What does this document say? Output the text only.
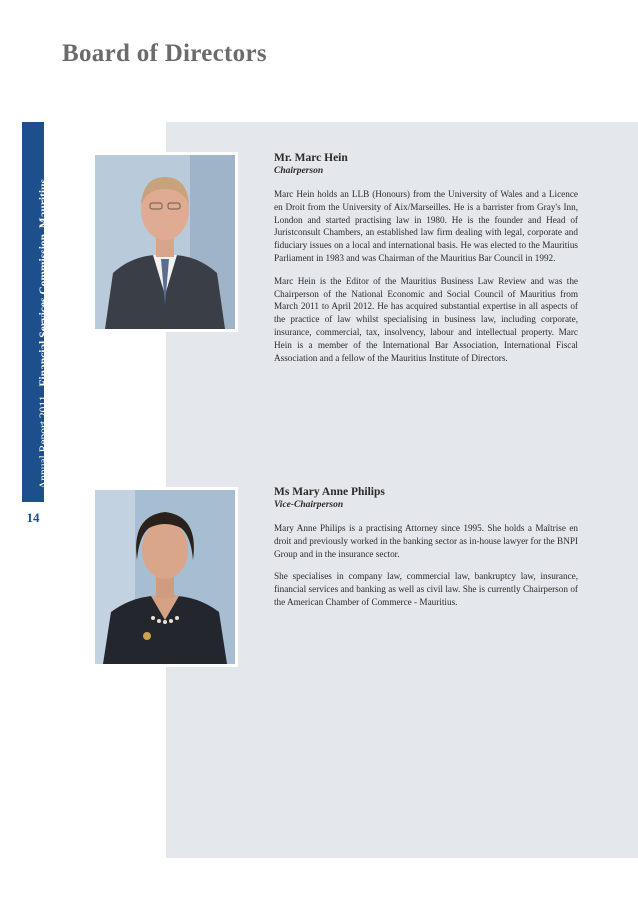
Board of Directors
Annual Report 2011 Financial Services Commission, Mauritius
14
Mr. Marc Hein
Chairperson

Marc Hein holds an LLB (Honours) from the University of Wales and a Licence en Droit from the University of Aix/Marseilles. He is a barrister from Gray's Inn, London and started practising law in 1980. He is the founder and Head of Juristconsult Chambers, an established law firm dealing with legal, corporate and fiduciary issues on a local and international basis. He was elected to the Mauritius Parliament in 1983 and was Chairman of the Mauritius Bar Council in 1992.

Marc Hein is the Editor of the Mauritius Business Law Review and was the Chairperson of the National Economic and Social Council of Mauritius from March 2011 to April 2012. He has acquired substantial expertise in all aspects of the practice of law whilst specialising in business law, including corporate, insurance, commercial, tax, insolvency, labour and intellectual property. Marc Hein is a member of the International Bar Association, International Fiscal Association and a fellow of the Mauritius Institute of Directors.

Ms Mary Anne Philips
Vice-Chairperson

Mary Anne Philips is a practising Attorney since 1995. She holds a Maîtrise en droit and previously worked in the banking sector as in-house lawyer for the BNPI Group and in the insurance sector.

She specialises in company law, commercial law, bankruptcy law, insurance, financial services and banking as well as civil law. She is currently Chairperson of the American Chamber of Commerce - Mauritius.
